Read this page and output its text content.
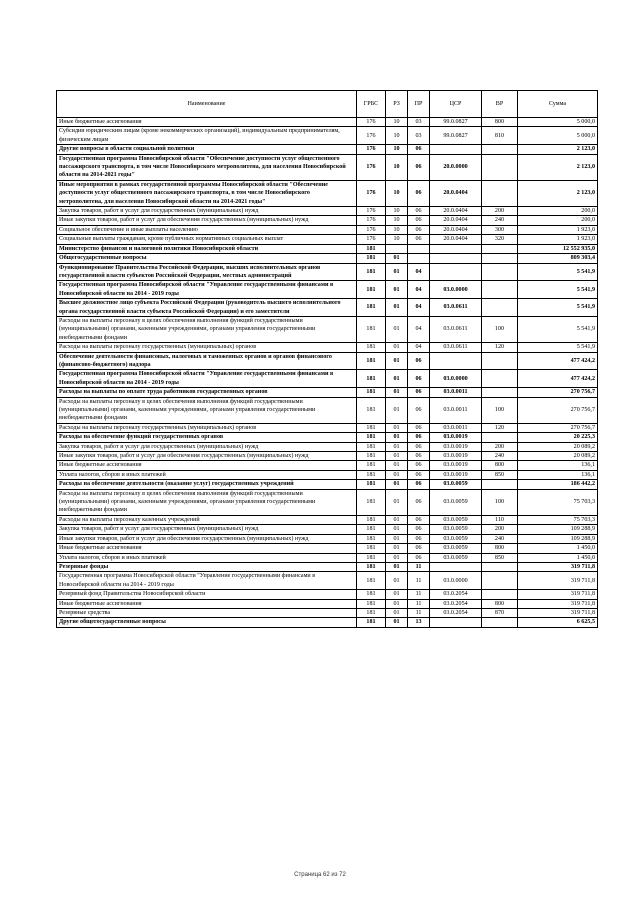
Наименование	ГРБС	РЗ	ПР	ЦСР	ВР	Сумма
Иные бюджетные ассигнования	176	10	03	99.0.0827	800	5 000,0
Субсидии юридическим лицам (кроме некоммерческих организаций), индивидуальным предпринимателям, физическим лицам	176	10	03	99.0.0827	810	5 000,0
Другие вопросы в области социальной политики	176	10	06			2 123,0
Государственная программа Новосибирской области "Обеспечение доступности услуг общественного пассажирского транспорта, в том числе Новосибирского метрополитена, для населения Новосибирской области на 2014-2021 годы"	176	10	06	20.0.0000		2 123,0
Иные мероприятия в рамках государственной программы Новосибирской области "Обеспечение доступности услуг общественного пассажирского транспорта, в том числе Новосибирского метрополитена, для населения Новосибирской области на 2014-2021 годы"	176	10	06	20.0.0404		2 123,0
Закупка товаров, работ и услуг для государственных (муниципальных) нужд	176	10	06	20.0.0404	200	200,0
Иные закупки товаров, работ и услуг для обеспечения государственных (муниципальных) нужд	176	10	06	20.0.0404	240	200,0
Социальное обеспечение и иные выплаты населению	176	10	06	20.0.0404	300	1 923,0
Социальные выплаты гражданам, кроме публичных нормативных социальных выплат	176	10	06	20.0.0404	320	1 923,0
Министерство финансов и налоговой политики Новосибирской области	181					12 552 935,0
Общегосударственные вопросы	181	01				809 303,4
Функционирование Правительства Российской Федерации, высших исполнительных органов государственной власти субъектов Российской Федерации, местных администраций	181	01	04			5 541,9
Государственная программа Новосибирской области "Управление государственными финансами в Новосибирской области на 2014 - 2019 годы	181	01	04	03.0.0000		5 541,9
Высшее должностное лицо субъекта Российской Федерации (руководитель высшего исполнительного органа государственной власти субъекта Российской Федерации) и его заместители	181	01	04	03.0.0611		5 541,9
Расходы на выплаты персоналу в целях обеспечения выполнения функций государственными (муниципальными) органами, казенными учреждениями, органами управления государственными внебюджетными фондами	181	01	04	03.0.0611	100	5 541,9
Расходы на выплаты персоналу государственных (муниципальных) органов	181	01	04	03.0.0611	120	5 541,9
Обеспечение деятельности финансовых, налоговых и таможенных органов и органов финансового (финансово-бюджетного) надзора	181	01	06			477 424,2
Государственная программа Новосибирской области "Управление государственными финансами в Новосибирской области на 2014 - 2019 годы	181	01	06	03.0.0000		477 424,2
Расходы на выплаты по оплате труда работников государственных органов	181	01	06	03.0.0011		270 756,7
Расходы на выплаты персоналу в целях обеспечения выполнения функций государственными (муниципальными) органами, казенными учреждениями, органами управления государственными внебюджетными фондами	181	01	06	03.0.0011	100	270 756,7
Расходы на выплаты персоналу государственных (муниципальных) органов	181	01	06	03.0.0011	120	270 756,7
Расходы на обеспечение функций государственных органов	181	01	06	03.0.0019		20 225,3
Закупка товаров, работ и услуг для государственных (муниципальных) нужд	181	01	06	03.0.0019	200	20 089,2
Иные закупки товаров, работ и услуг для обеспечения государственных (муниципальных) нужд	181	01	06	03.0.0019	240	20 089,2
Иные бюджетные ассигнования	181	01	06	03.0.0019	800	136,1
Уплата налогов, сборов и иных платежей	181	01	06	03.0.0019	850	136,1
Расходы на обеспечение деятельности (оказание услуг) государственных учреждений	181	01	06	03.0.0059		186 442,2
Расходы на выплаты персоналу в целях обеспечения выполнения функций государственными (муниципальными) органами, казенными учреждениями, органами управления государственными внебюджетными фондами	181	01	06	03.0.0059	100	75 703,3
Расходы на выплаты персоналу казенных учреждений	181	01	06	03.0.0059	110	75 703,3
Закупка товаров, работ и услуг для государственных (муниципальных) нужд	181	01	06	03.0.0059	200	109 288,9
Иные закупки товаров, работ и услуг для обеспечения государственных (муниципальных) нужд	181	01	06	03.0.0059	240	109 288,9
Иные бюджетные ассигнования	181	01	06	03.0.0059	800	1 450,0
Уплата налогов, сборов и иных платежей	181	01	06	03.0.0059	850	1 450,0
Резервные фонды	181	01	11			319 711,8
Государственная программа Новосибирской области "Управление государственными финансами в Новосибирской области на 2014 - 2019 годы	181	01	11	03.0.0000		319 711,8
Резервный фонд Правительства Новосибирской области	181	01	11	03.0.2054		319 711,8
Иные бюджетные ассигнования	181	01	11	03.0.2054	800	319 711,8
Резервные средства	181	01	11	03.0.2054	870	319 711,8
Другие общегосударственные вопросы	181	01	13			6 625,5
Страница 62 из 72
